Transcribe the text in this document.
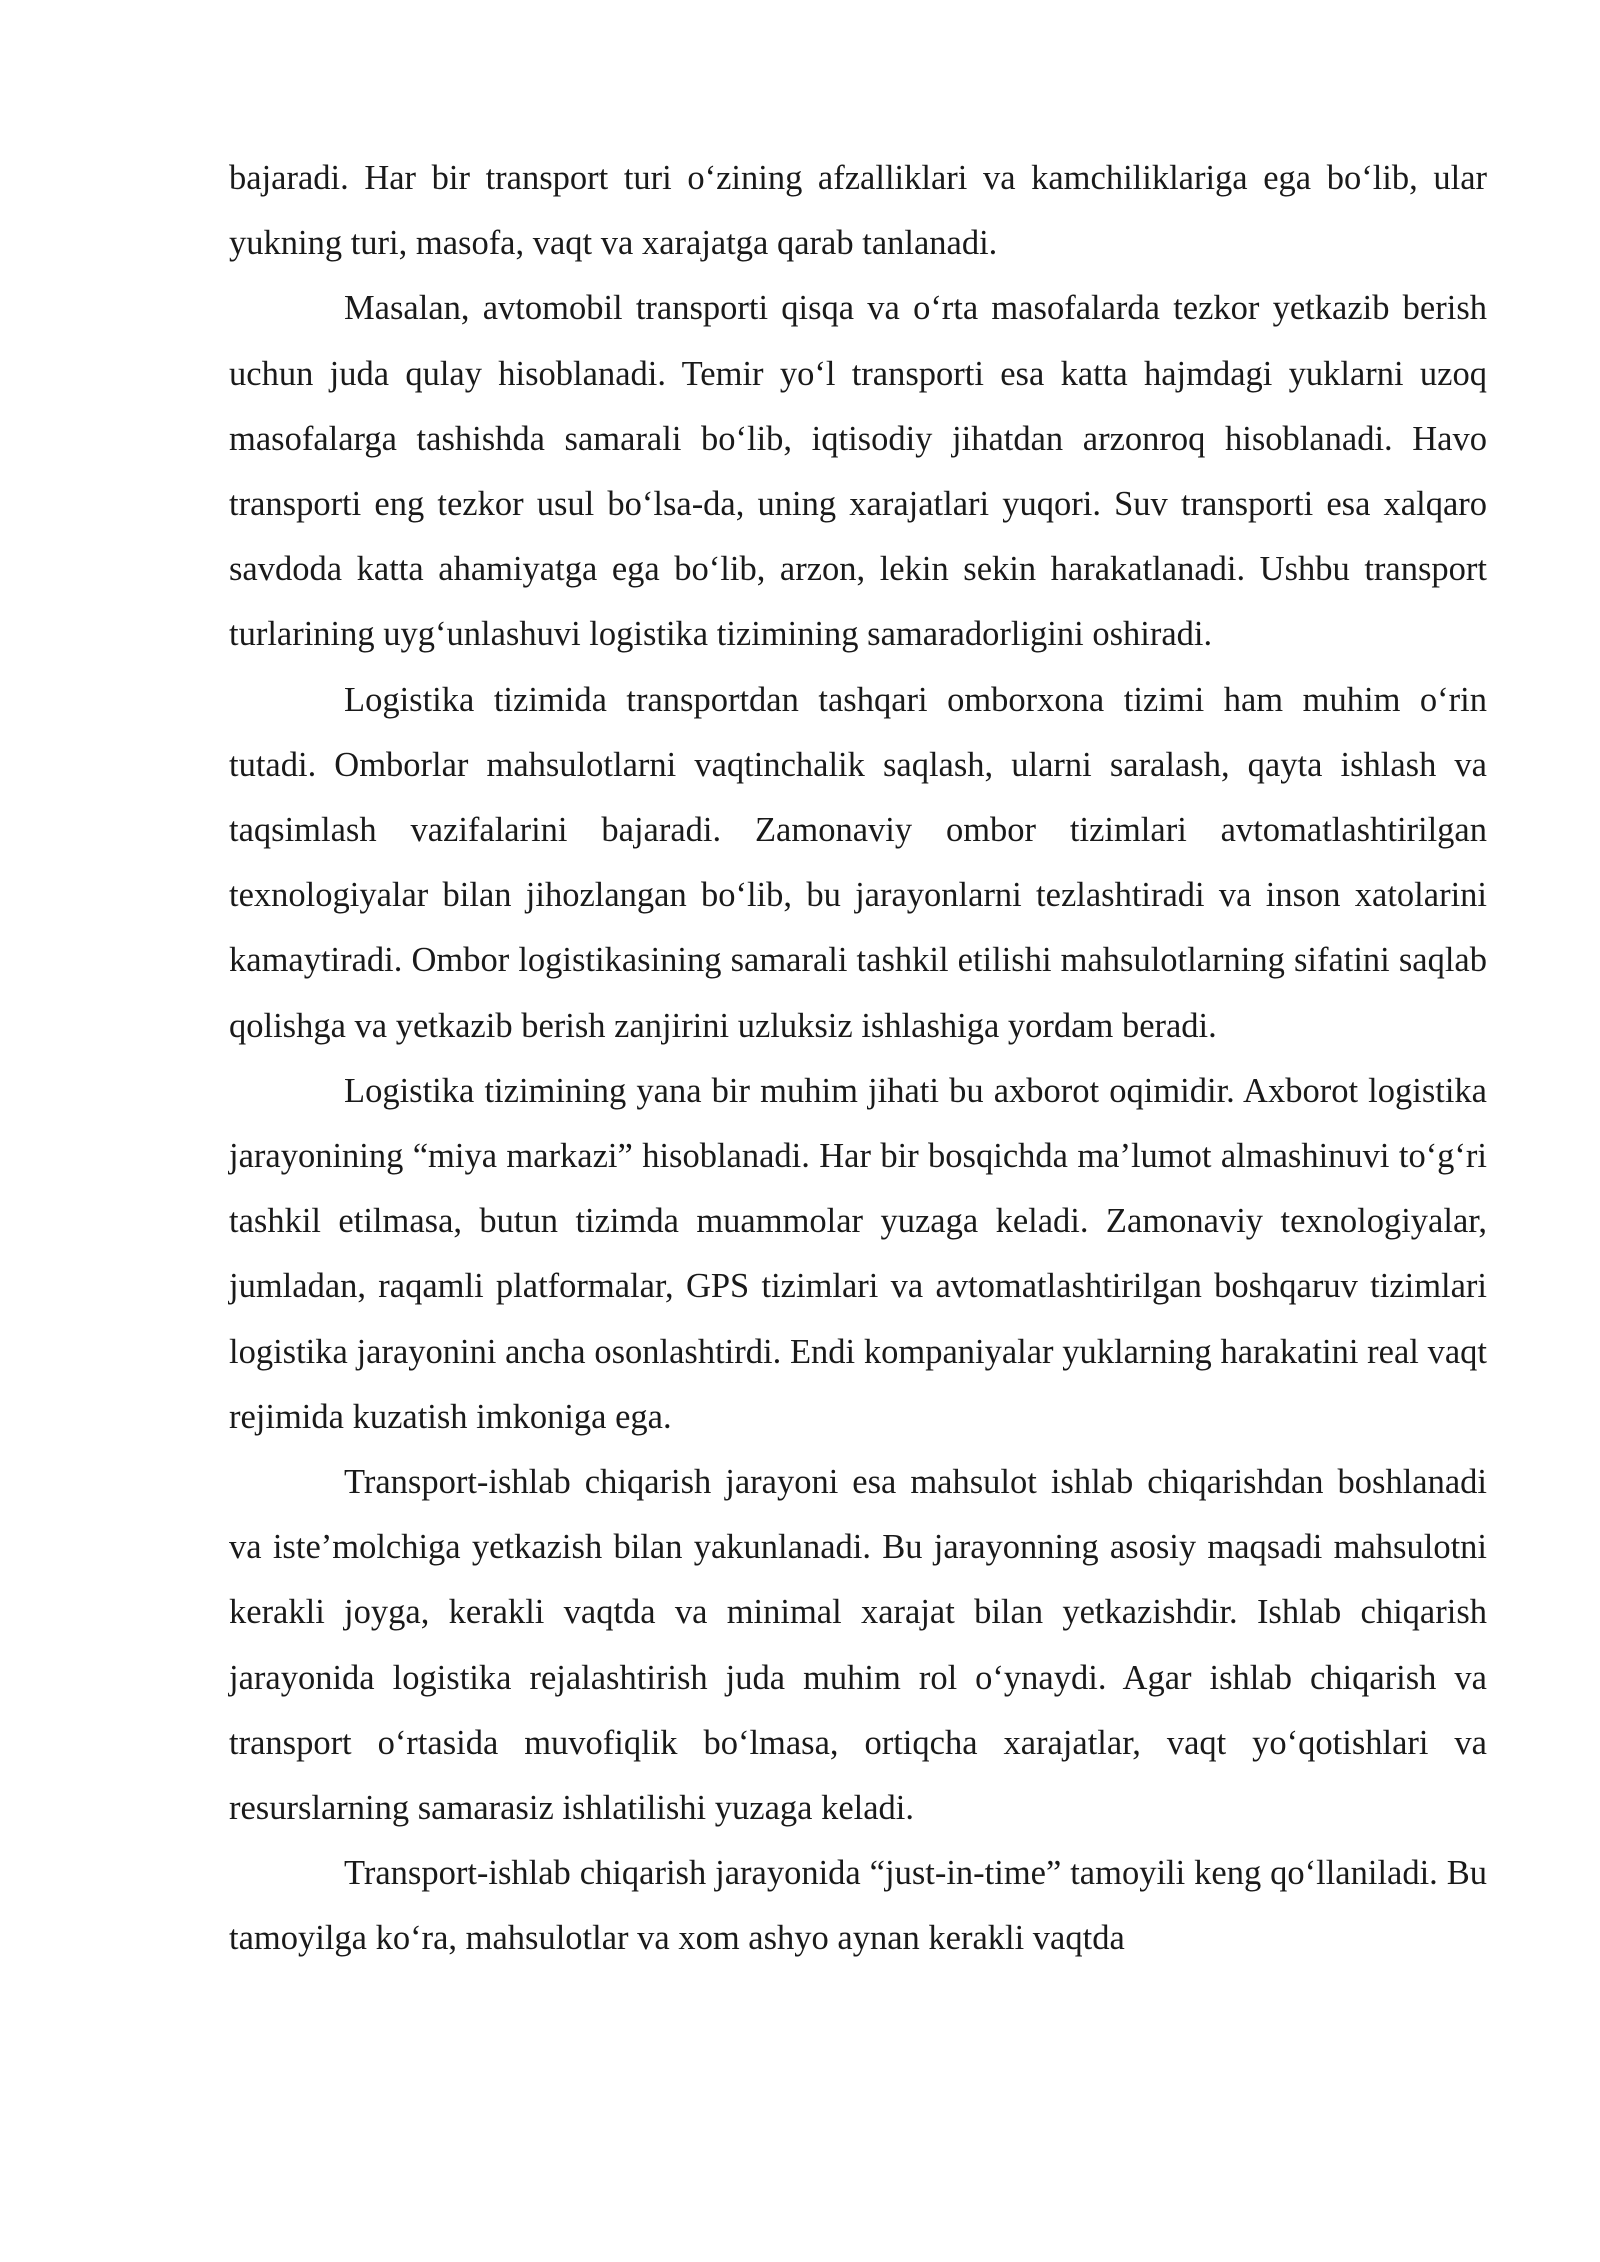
bajaradi. Har bir transport turi o‘zining afzalliklari va kamchiliklariga ega bo‘lib, ular yukning turi, masofa, vaqt va xarajatga qarab tanlanadi.

Masalan, avtomobil transporti qisqa va o‘rta masofalarda tezkor yetkazib berish uchun juda qulay hisoblanadi. Temir yo‘l transporti esa katta hajmdagi yuklarni uzoq masofalarga tashishda samarali bo‘lib, iqtisodiy jihatdan arzonroq hisoblanadi. Havo transporti eng tezkor usul bo‘lsa-da, uning xarajatlari yuqori. Suv transporti esa xalqaro savdoda katta ahamiyatga ega bo‘lib, arzon, lekin sekin harakatlanadi. Ushbu transport turlarining uyg‘unlashuvi logistika tizimining samaradorligini oshiradi.

Logistika tizimida transportdan tashqari omborxona tizimi ham muhim o‘rin tutadi. Omborlar mahsulotlarni vaqtinchalik saqlash, ularni saralash, qayta ishlash va taqsimlash vazifalarini bajaradi. Zamonaviy ombor tizimlari avtomatlashtirilgan texnologiyalar bilan jihozlangan bo‘lib, bu jarayonlarni tezlashtiradi va inson xatolarini kamaytiradi. Ombor logistikasining samarali tashkil etilishi mahsulotlarning sifatini saqlab qolishga va yetkazib berish zanjirini uzluksiz ishlashiga yordam beradi.

Logistika tizimining yana bir muhim jihati bu axborot oqimidir. Axborot logistika jarayonining “miya markazi” hisoblanadi. Har bir bosqichda ma’lumot almashinuvi to‘g‘ri tashkil etilmasa, butun tizimda muammolar yuzaga keladi. Zamonaviy texnologiyalar, jumladan, raqamli platformalar, GPS tizimlari va avtomatlashtirilgan boshqaruv tizimlari logistika jarayonini ancha osonlashtirdi. Endi kompaniyalar yuklarning harakatini real vaqt rejimida kuzatish imkoniga ega.

Transport-ishlab chiqarish jarayoni esa mahsulot ishlab chiqarishdan boshlanadi va iste’molchiga yetkazish bilan yakunlanadi. Bu jarayonning asosiy maqsadi mahsulotni kerakli joyga, kerakli vaqtda va minimal xarajat bilan yetkazishdir. Ishlab chiqarish jarayonida logistika rejalashtirish juda muhim rol o‘ynaydi. Agar ishlab chiqarish va transport o‘rtasida muvofiqlik bo‘lmasa, ortiqcha xarajatlar, vaqt yo‘qotishlari va resurslarning samarasiz ishlatilishi yuzaga keladi.

Transport-ishlab chiqarish jarayonida “just-in-time” tamoyili keng qo‘llaniladi. Bu tamoyilga ko‘ra, mahsulotlar va xom ashyo aynan kerakli vaqtda
